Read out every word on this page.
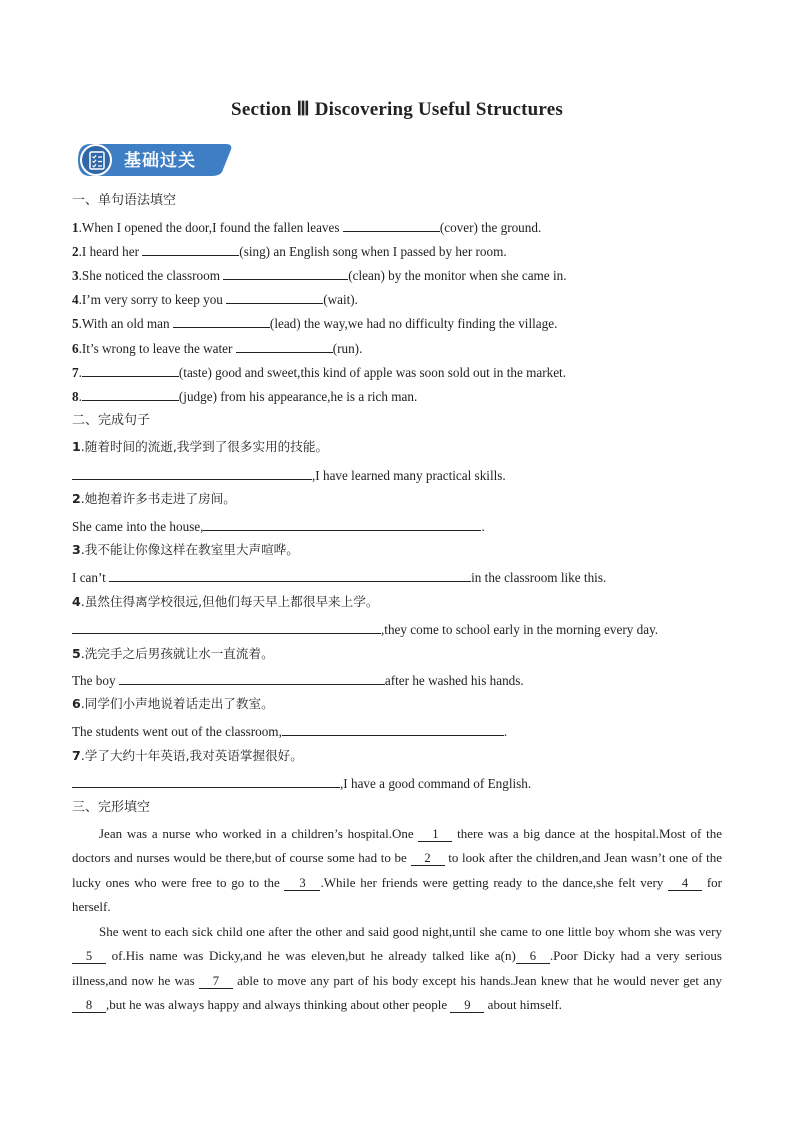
Section Ⅲ Discovering Useful Structures
基础过关
一、单句语法填空
1.When I opened the door,I found the fallen leaves	(cover) the ground.
2.I heard her	(sing) an English song when I passed by her room.
3.She noticed the classroom	(clean) by the monitor when she came in.
4.I’m very sorry to keep you	(wait).
5.With an old man	(lead) the way,we had no difficulty finding the village.
6.It’s wrong to leave the water	(run).
7.	(taste) good and sweet,this kind of apple was soon sold out in the market.
8.	(judge) from his appearance,he is a rich man.
二、完成句子
1.随着时间的流逝,我学到了很多实用的技能。
,I have learned many practical skills.
2.她抱着许多书走进了房间。
She came into the house,	.
3.我不能让你像这样在教室里大声喧哗。
I can’t	in the classroom like this.
4.虽然住得离学校很远,但他们每天早上都很早来上学。
,they come to school early in the morning every day.
5.洗完手之后男孩就让水一直流着。
The boy	after he washed his hands.
6.同学们小声地说着话走出了教室。
The students went out of the classroom,	.
7.学了大约十年英语,我对英语掌握很好。
,I have a good command of English.
三、完形填空
Jean was a nurse who worked in a children’s hospital.One 1 there was a big dance at the hospital.Most of the doctors and nurses would be there,but of course some had to be 2 to look after the children,and Jean wasn’t one of the lucky ones who were free to go to the 3 .While her friends were getting ready to the dance,she felt very 4 for herself.
She went to each sick child one after the other and said good night,until she came to one little boy whom she was very 5 of.His name was Dicky,and he was eleven,but he already talked like a(n) 6 .Poor Dicky had a very serious illness,and now he was 7 able to move any part of his body except his hands.Jean knew that he would never get any 8 ,but he was always happy and always thinking about other people 9 about himself.
